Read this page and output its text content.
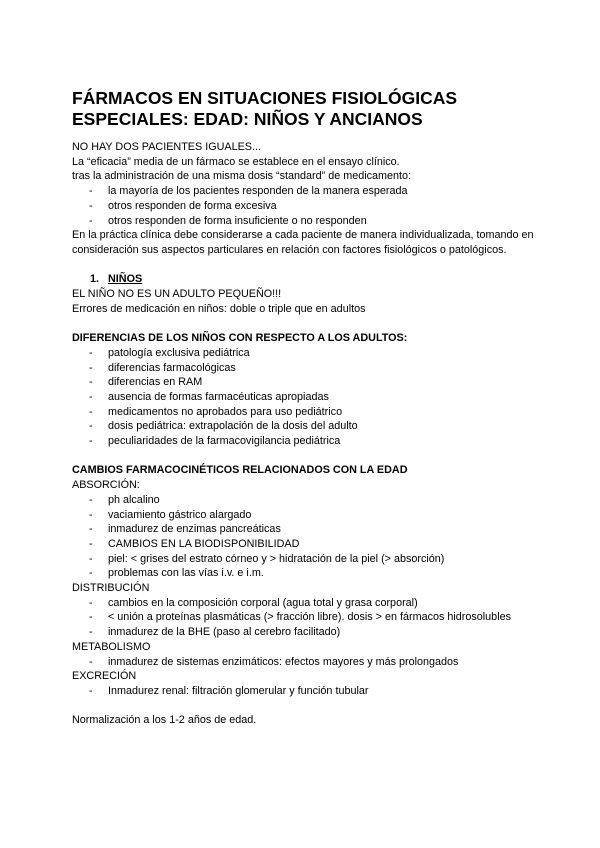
FÁRMACOS EN SITUACIONES FISIOLÓGICAS
ESPECIALES: EDAD: NIÑOS Y ANCIANOS

NO HAY DOS PACIENTES IGUALES...

La “eficacia” media de un fármaco se establece en el ensayo clínico.

tras la administración de una misma dosis “standard” de medicamento:

- la mayoría de los pacientes responden de la manera esperada
- otros responden de forma excesiva
- otros responden de forma insuficiente o no responden

En la práctica clínica debe considerarse a cada paciente de manera individualizada, tomando en consideración sus aspectos particulares en relación con factores fisiológicos o patológicos.

1. NIÑOS

EL NIÑO NO ES UN ADULTO PEQUEÑO!!!

Errores de medicación en niños: doble o triple que en adultos

DIFERENCIAS DE LOS NIÑOS CON RESPECTO A LOS ADULTOS:

- patología exclusiva pediátrica
- diferencias farmacológicas
- diferencias en RAM
- ausencia de formas farmacéuticas apropiadas
- medicamentos no aprobados para uso pediátrico
- dosis pediátrica: extrapolación de la dosis del adulto
- peculiaridades de la farmacovigilancia pediátrica

CAMBIOS FARMACOCINÉTICOS RELACIONADOS CON LA EDAD

ABSORCIÓN:

- ph alcalino
- vaciamiento gástrico alargado
- inmadurez de enzimas pancreáticas
- CAMBIOS EN LA BIODISPONIBILIDAD
- piel: < grises del estrato córneo y > hidratación de la piel (> absorción)
- problemas con las vías i.v. e i.m.

DISTRIBUCIÓN

- cambios en la composición corporal (agua total y grasa corporal)
- < unión a proteínas plasmáticas (> fracción libre). dosis > en fármacos hidrosolubles
- inmadurez de la BHE (paso al cerebro facilitado)

METABOLISMO

- inmadurez de sistemas enzimáticos: efectos mayores y más prolongados

EXCRECIÓN

- Inmadurez renal: filtración glomerular y función tubular

Normalización a los 1-2 años de edad.
